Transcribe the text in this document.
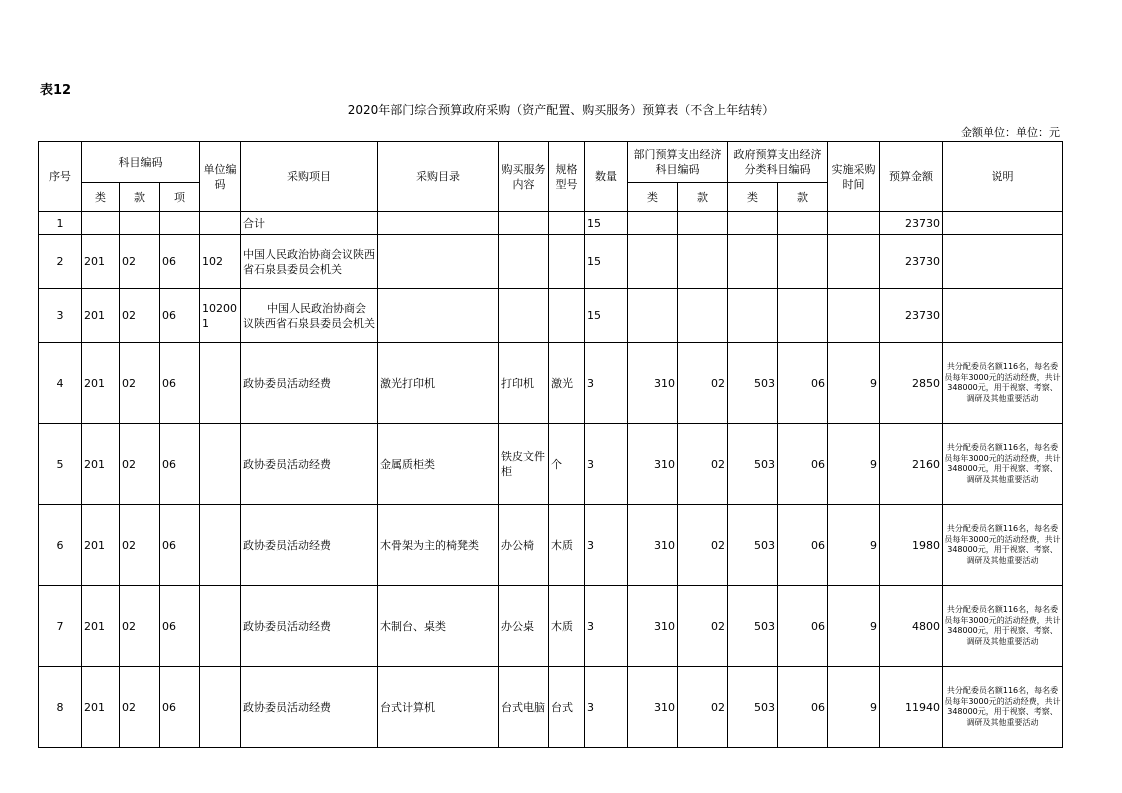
表12
2020年部门综合预算政府采购（资产配置、购买服务）预算表（不含上年结转）
金额单位：单位：元
序号	科目编码			单位编码	采购项目	采购目录	购买服务内容	规格型号	数量	部门预算支出经济科目编码		政府预算支出经济分类科目编码		实施采购时间	预算金额	说明
	类	款	项							类	款	类	款			
1					合计				15						23730	
2	201	02	06	102	中国人民政治协商会议陕西省石泉县委员会机关				15						23730	
3	201	02	06	102001	中国人民政治协商会议陕西省石泉县委员会机关				15						23730	
4	201	02	06		政协委员活动经费	激光打印机	打印机	激光	3	310	02	503	06	9	2850	共分配委员名额116名，每名委员每年3000元的活动经费，共计348000元，用于视察、考察、调研及其他重要活动
5	201	02	06		政协委员活动经费	金属质柜类	铁皮文件柜	个	3	310	02	503	06	9	2160	共分配委员名额116名，每名委员每年3000元的活动经费，共计348000元，用于视察、考察、调研及其他重要活动
6	201	02	06		政协委员活动经费	木骨架为主的椅凳类	办公椅	木质	3	310	02	503	06	9	1980	共分配委员名额116名，每名委员每年3000元的活动经费，共计348000元，用于视察、考察、调研及其他重要活动
7	201	02	06		政协委员活动经费	木制台、桌类	办公桌	木质	3	310	02	503	06	9	4800	共分配委员名额116名，每名委员每年3000元的活动经费，共计348000元，用于视察、考察、调研及其他重要活动
8	201	02	06		政协委员活动经费	台式计算机	台式电脑	台式	3	310	02	503	06	9	11940	共分配委员名额116名，每名委员每年3000元的活动经费，共计348000元，用于视察、考察、调研及其他重要活动
